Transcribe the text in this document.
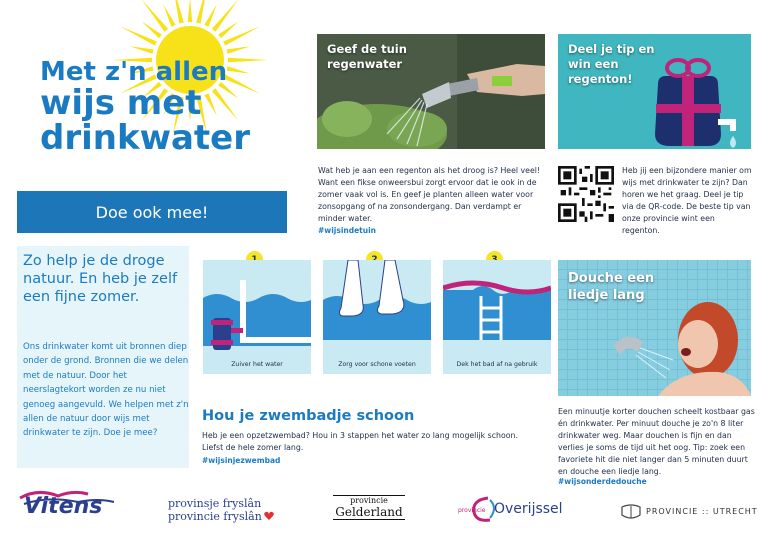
Met z'n allen
wijs met
drinkwater
Doe ook mee!
Zo help je de droge natuur. En heb je zelf een fijne zomer.
Ons drinkwater komt uit bronnen diep onder de grond. Bronnen die we delen met de natuur. Door het neerslagtekort worden ze nu niet genoeg aangevuld. We helpen met z'n allen de natuur door wijs met drinkwater te zijn. Doe je mee?
Geef de tuin regenwater
Wat heb je aan een regenton als het droog is? Heel veel! Want een fikse onweersbui zorgt ervoor dat ie ook in de zomer vaak vol is. En geef je planten alleen water voor zonsopgang of na zonsondergang. Dan verdampt er minder water.
#wijsindetuin
Deel je tip en win een regenton!
Heb jij een bijzondere manier om wijs met drinkwater te zijn? Dan horen we het graag. Deel je tip via de QR-code. De beste tip van onze provincie wint een regenton.
Zuiver het water	Zorg voor schone voeten	Dek het bad af na gebruik
Hou je zwembadje schoon
Heb je een opzetzwembad? Hou in 3 stappen het water zo lang mogelijk schoon. Liefst de hele zomer lang.
#wijsinjezwembad
Douche een liedje lang
Een minuutje korter douchen scheelt kostbaar gas én drinkwater. Per minuut douche je zo'n 8 liter drinkwater weg. Maar douchen is fijn en dan verlies je soms de tijd uit het oog. Tip: zoek een favoriete hit die niet langer dan 5 minuten duurt en douche een liedje lang.
#wijsonderdedouche
Vitens	provinsje fryslân
provincie fryslân
provincie
Gelderland	provincie Overijssel	PROVINCIE :: UTRECHT
